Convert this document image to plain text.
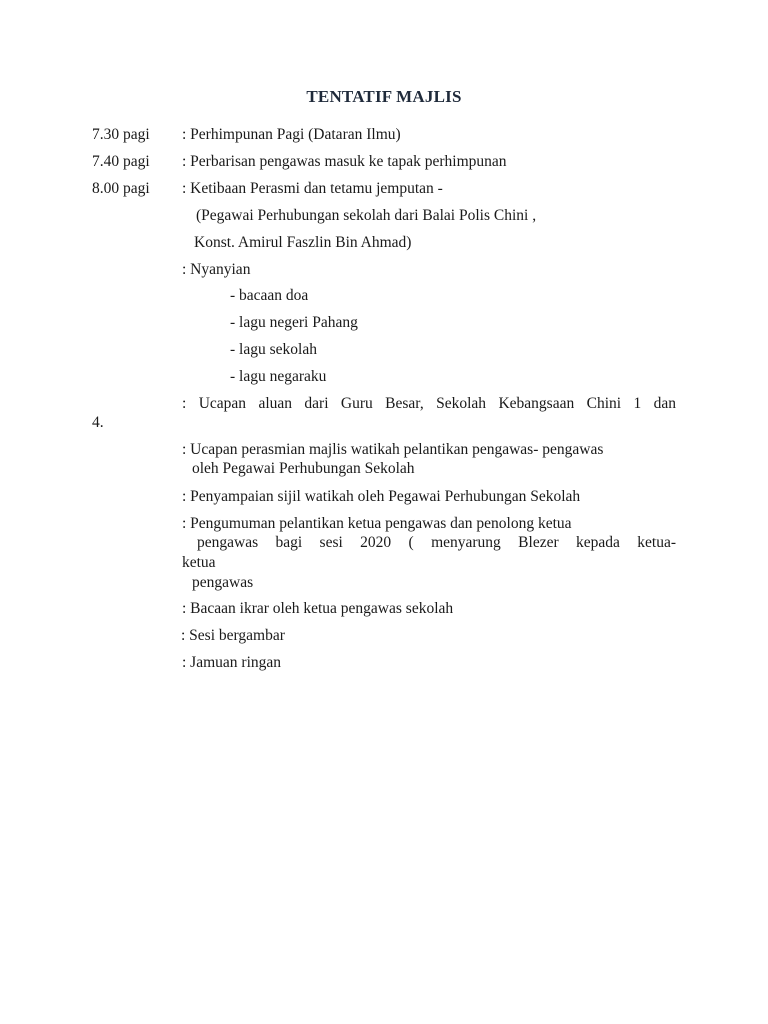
TENTATIF MAJLIS
7.30 pagi : Perhimpunan Pagi (Dataran Ilmu)
7.40 pagi : Perbarisan pengawas masuk ke tapak perhimpunan
8.00 pagi : Ketibaan Perasmi dan tetamu jemputan -
(Pegawai Perhubungan sekolah dari Balai Polis Chini ,
Konst. Amirul Faszlin Bin Ahmad)
: Nyanyian
- bacaan doa
- lagu negeri Pahang
- lagu sekolah
- lagu negaraku
: Ucapan aluan dari Guru Besar, Sekolah Kebangsaan Chini 1 dan
4.
: Ucapan perasmian majlis watikah pelantikan pengawas- pengawas
oleh Pegawai Perhubungan Sekolah
: Penyampaian sijil watikah oleh Pegawai Perhubungan Sekolah
: Pengumuman pelantikan ketua pengawas dan penolong ketua
pengawas bagi sesi 2020 ( menyarung Blezer kepada ketua-
ketua
pengawas
: Bacaan ikrar oleh ketua pengawas sekolah
: Sesi bergambar
: Jamuan ringan
